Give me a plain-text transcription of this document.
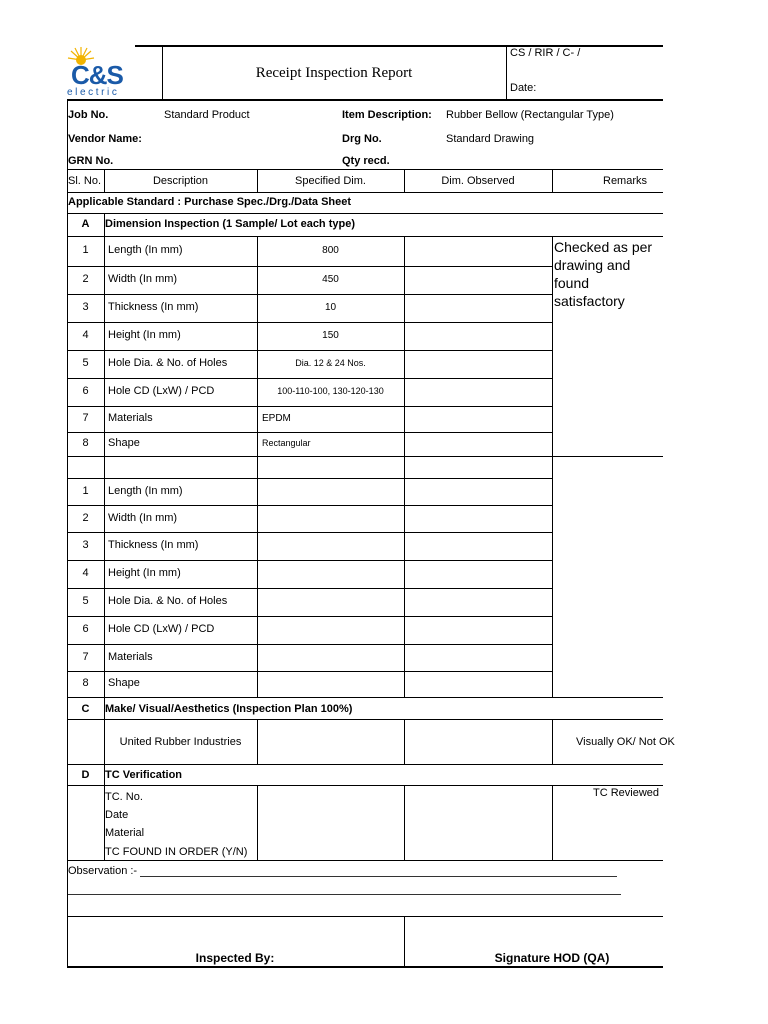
C&S
electric
Receipt Inspection Report
CS / RIR / C- /
Date:
Job No.	Standard Product
Vendor Name:
GRN No.
Item Description: Rubber Bellow (Rectangular Type)
Drg No.	Standard Drawing
Qty recd.
Sl. No.	Description	Specified Dim.	Dim. Observed	Remarks
Applicable Standard : Purchase Spec./Drg./Data Sheet
A	Dimension Inspection (1 Sample/ Lot each type)
1	Length (In mm)	800
2	Width (In mm)	450
3	Thickness (In mm)	10
4	Height (In mm)	150
5	Hole Dia. & No. of Holes	Dia. 12 & 24 Nos.
6	Hole CD (LxW) / PCD	100-110-100, 130-120-130
7	Materials	EPDM
8	Shape	Rectangular
Checked as per drawing and found satisfactory
1	Length (In mm)
2	Width (In mm)
3	Thickness (In mm)
4	Height (In mm)
5	Hole Dia. & No. of Holes
6	Hole CD (LxW) / PCD
7	Materials
8	Shape
C	Make/ Visual/Aesthetics (Inspection Plan 100%)
United Rubber Industries	Visually OK/ Not OK
D	TC Verification
TC. No.
Date
Material
TC FOUND IN ORDER (Y/N)
TC Reviewed
Observation :-
Inspected By:	Signature HOD (QA)
